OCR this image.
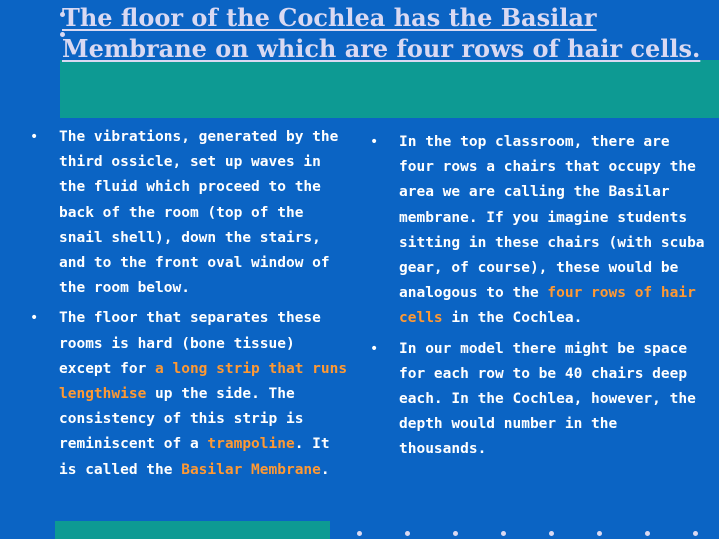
The floor of the Cochlea has the Basilar
Membrane on which are four rows of hair cells.
• The vibrations, generated by the third ossicle, set up waves in the fluid which proceed to the back of the room (top of the snail shell), down the stairs, and to the front oval window of the room below.
• The floor that separates these rooms is hard (bone tissue) except for a long strip that runs lengthwise up the side. The consistency of this strip is reminiscent of a trampoline. It is called the Basilar Membrane.
• In the top classroom, there are four rows a chairs that occupy the area we are calling the Basilar membrane. If you imagine students sitting in these chairs (with scuba gear, of course), these would be analogous to the four rows of hair cells in the Cochlea.
• In our model there might be space for each row to be 40 chairs deep each. In the Cochlea, however, the depth would number in the thousands.
